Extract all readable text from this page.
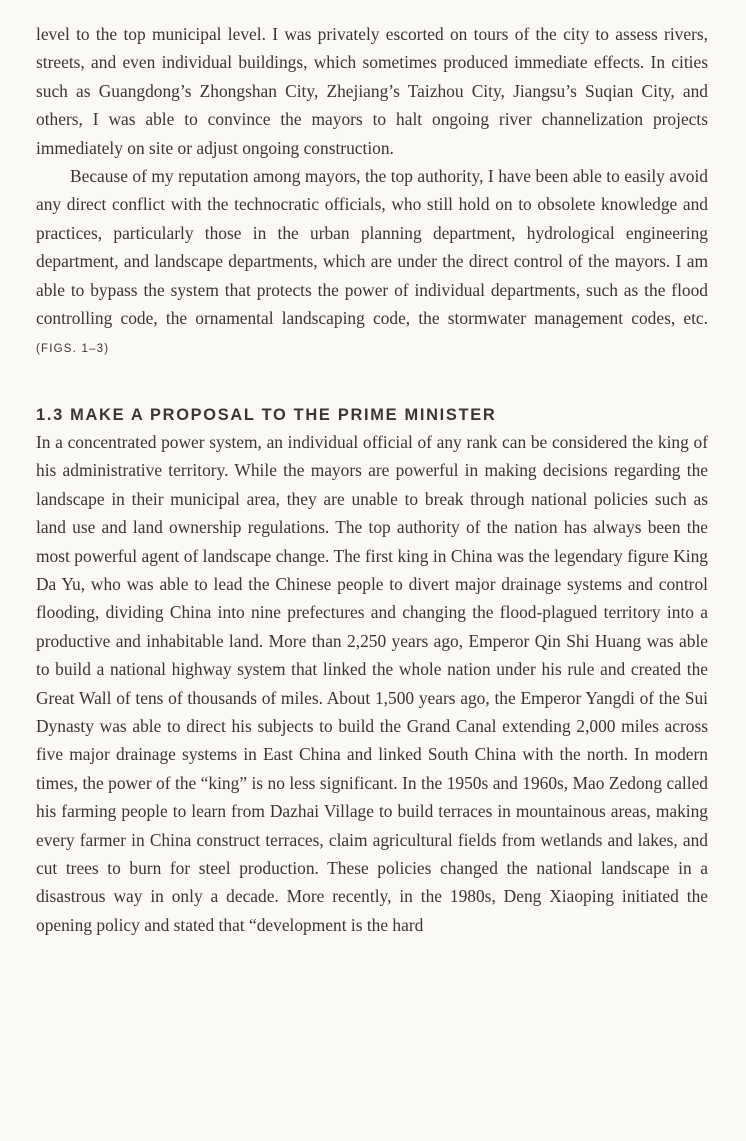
level to the top municipal level. I was privately escorted on tours of the city to assess rivers, streets, and even individual buildings, which sometimes produced immediate effects. In cities such as Guangdong’s Zhongshan City, Zhejiang’s Taizhou City, Jiangsu’s Suqian City, and others, I was able to convince the mayors to halt ongoing river channelization projects immediately on site or adjust ongoing construction.

Because of my reputation among mayors, the top authority, I have been able to easily avoid any direct conflict with the technocratic officials, who still hold on to obsolete knowledge and practices, particularly those in the urban planning department, hydrological engineering department, and landscape departments, which are under the direct control of the mayors. I am able to bypass the system that protects the power of individual departments, such as the flood controlling code, the ornamental landscaping code, the stormwater management codes, etc. (FIGS. 1–3)

1.3 MAKE A PROPOSAL TO THE PRIME MINISTER

In a concentrated power system, an individual official of any rank can be considered the king of his administrative territory. While the mayors are powerful in making decisions regarding the landscape in their municipal area, they are unable to break through national policies such as land use and land ownership regulations. The top authority of the nation has always been the most powerful agent of landscape change. The first king in China was the legendary figure King Da Yu, who was able to lead the Chinese people to divert major drainage systems and control flooding, dividing China into nine prefectures and changing the flood-plagued territory into a productive and inhabitable land. More than 2,250 years ago, Emperor Qin Shi Huang was able to build a national highway system that linked the whole nation under his rule and created the Great Wall of tens of thousands of miles. About 1,500 years ago, the Emperor Yangdi of the Sui Dynasty was able to direct his subjects to build the Grand Canal extending 2,000 miles across five major drainage systems in East China and linked South China with the north. In modern times, the power of the “king” is no less significant. In the 1950s and 1960s, Mao Zedong called his farming people to learn from Dazhai Village to build terraces in mountainous areas, making every farmer in China construct terraces, claim agricultural fields from wetlands and lakes, and cut trees to burn for steel production. These policies changed the national landscape in a disastrous way in only a decade. More recently, in the 1980s, Deng Xiaoping initiated the opening policy and stated that “development is the hard
